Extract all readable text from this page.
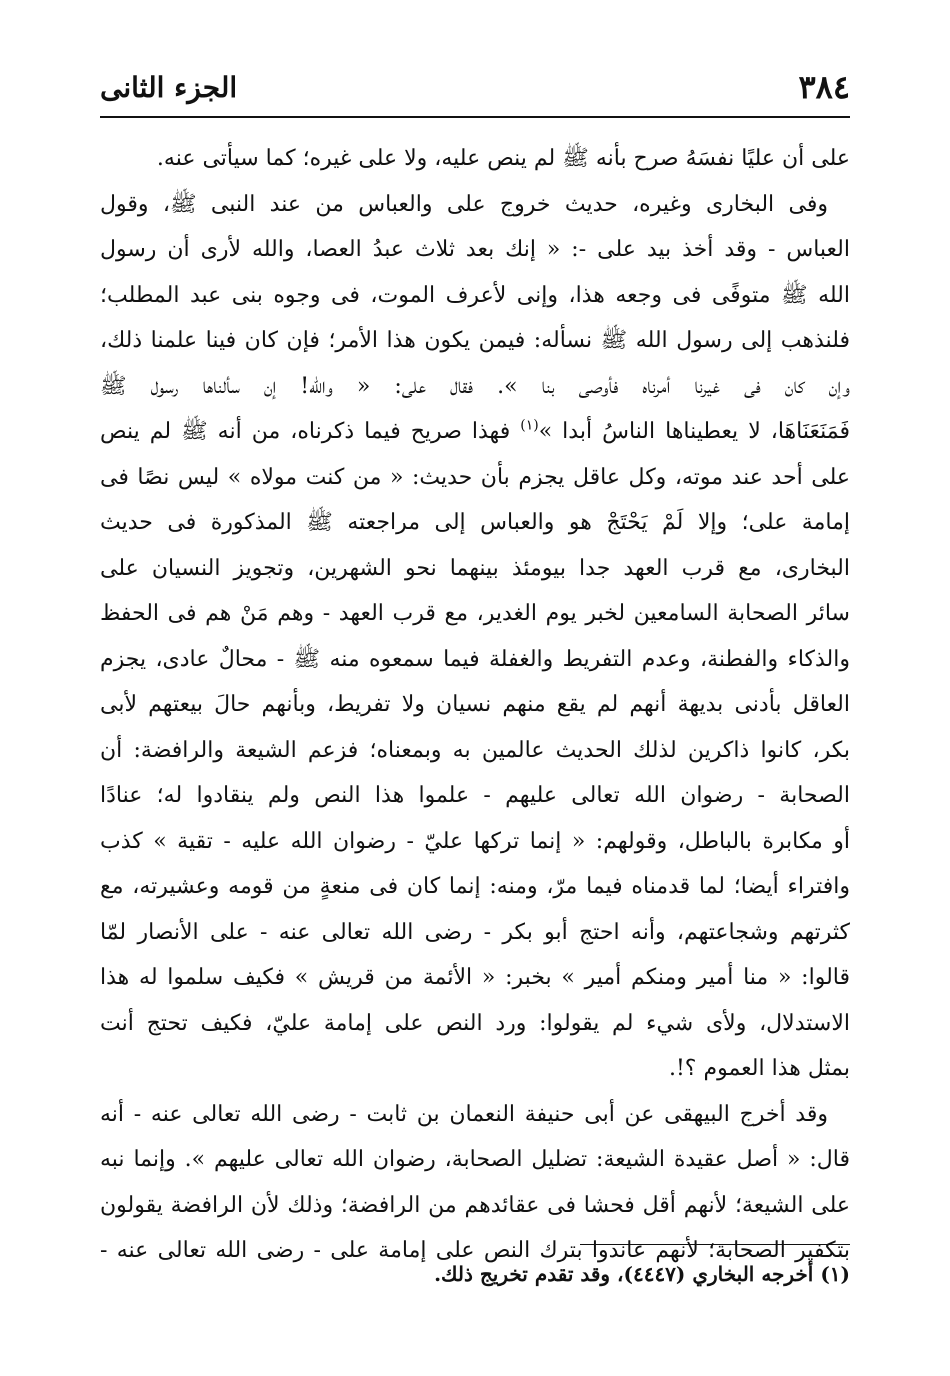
٣٨٤
الجزء الثانى
على أن عليًا نفسَهُ صرح بأنه ﷺ لم ينص عليه، ولا على غيره؛ كما سيأتى عنه.
وفى البخارى وغيره، حديث خروج على والعباس من عند النبى ﷺ، وقول
العباس - وقد أخذ بيد على -: « إنك بعد ثلاث عبدُ العصا، والله لأرى أن رسول
الله ﷺ متوفًى فى وجعه هذا، وإنى لأعرف الموت، فى وجوه بنى عبد المطلب؛
فلنذهب إلى رسول الله ﷺ نسأله: فيمن يكون هذا الأمر؛ فإن كان فينا علمنا ذلك،
وإن كان فى غيرنا أمرناه فأوصى بنا ». فقال على: « والله! إن سألناها رسول ﷺ
فَمَنَعَنَاهَا، لا يعطيناها الناسُ أبدا »$^{(١)}$ فهذا صريح فيما ذكرناه، من أنه ﷺ لم ينص
على أحد عند موته، وكل عاقل يجزم بأن حديث: « من كنت مولاه » ليس نصًا فى
إمامة على؛ وإلا لَمْ يَحْتَجْ هو والعباس إلى مراجعته ﷺ المذكورة فى حديث
البخارى، مع قرب العهد جدا بيومئذ بينهما نحو الشهرين، وتجويز النسيان على
سائر الصحابة السامعين لخبر يوم الغدير، مع قرب العهد - وهم مَنْ هم فى الحفظ
والذكاء والفطنة، وعدم التفريط والغفلة فيما سمعوه منه ﷺ - محالٌ عادى، يجزم
العاقل بأدنى بديهة أنهم لم يقع منهم نسيان ولا تفريط، وبأنهم حالَ بيعتهم لأبى
بكر، كانوا ذاكرين لذلك الحديث عالمين به وبمعناه؛ فزعم الشيعة والرافضة: أن
الصحابة - رضوان الله تعالى عليهم - علموا هذا النص ولم ينقادوا له؛ عنادًا
أو مكابرة بالباطل، وقولهم: « إنما تركها عليّ - رضوان الله عليه - تقية » كذب
وافتراء أيضا؛ لما قدمناه فيما مرّ، ومنه: إنما كان فى منعةٍ من قومه وعشيرته، مع
كثرتهم وشجاعتهم، وأنه احتج أبو بكر - رضى الله تعالى عنه - على الأنصار لمّا
قالوا: « منا أمير ومنكم أمير » بخبر: « الأئمة من قريش » فكيف سلموا له هذا
الاستدلال، ولأى شيء لم يقولوا: ورد النص على إمامة عليّ، فكيف تحتج أنت
بمثل هذا العموم ؟!.
وقد أخرج البيهقى عن أبى حنيفة النعمان بن ثابت - رضى الله تعالى عنه - أنه
قال: « أصل عقيدة الشيعة: تضليل الصحابة، رضوان الله تعالى عليهم ». وإنما نبه
على الشيعة؛ لأنهم أقل فحشا فى عقائدهم من الرافضة؛ وذلك لأن الرافضة يقولون
بتكفير الصحابة؛ لأنهم عاندوا بترك النص على إمامة على - رضى الله تعالى عنه -
(١) أخرجه البخاري (٤٤٤٧)، وقد تقدم تخريج ذلك.
